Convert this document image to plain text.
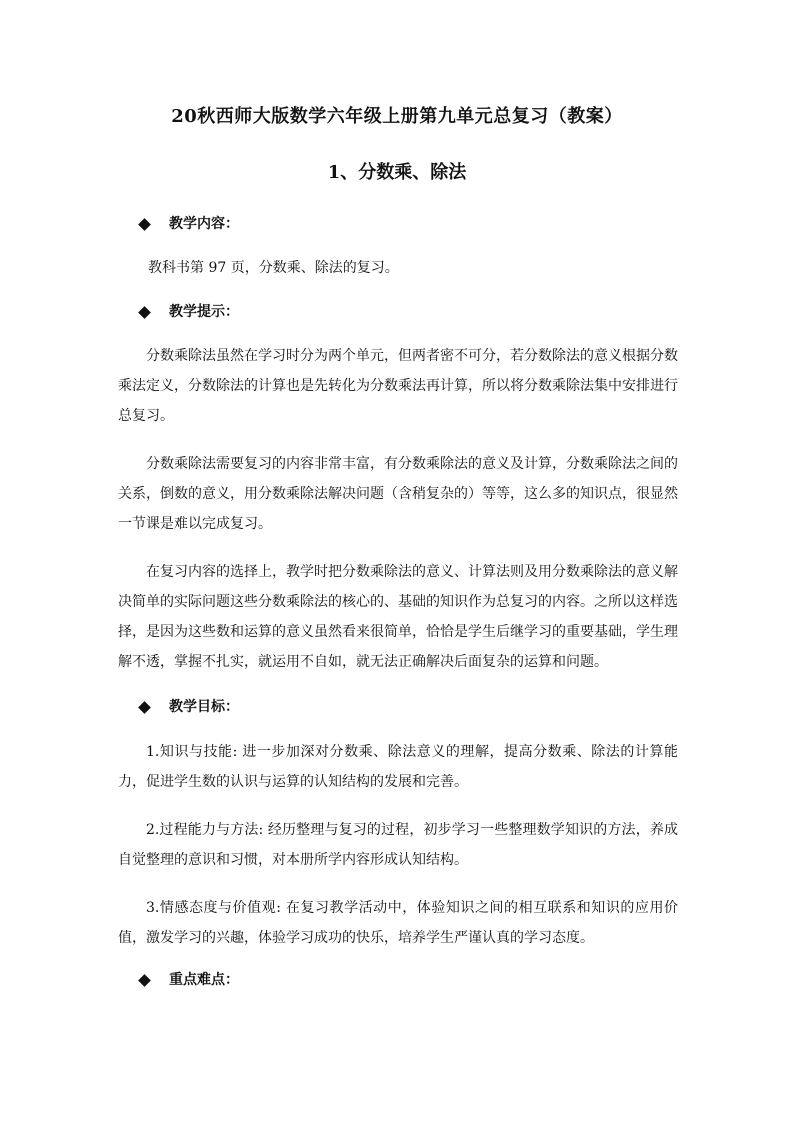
20秋西师大版数学六年级上册第九单元总复习（教案）
1、分数乘、除法
教学内容：

教科书第 97 页，分数乘、除法的复习。

教学提示：

分数乘除法虽然在学习时分为两个单元，但两者密不可分，若分数除法的意义根据分数乘法定义，分数除法的计算也是先转化为分数乘法再计算，所以将分数乘除法集中安排进行总复习。

分数乘除法需要复习的内容非常丰富，有分数乘除法的意义及计算，分数乘除法之间的关系，倒数的意义，用分数乘除法解决问题（含稍复杂的）等等，这么多的知识点，很显然一节课是难以完成复习。

在复习内容的选择上，教学时把分数乘除法的意义、计算法则及用分数乘除法的意义解决简单的实际问题这些分数乘除法的核心的、基础的知识作为总复习的内容。之所以这样选择，是因为这些数和运算的意义虽然看来很简单，恰恰是学生后继学习的重要基础，学生理解不透，掌握不扎实，就运用不自如，就无法正确解决后面复杂的运算和问题。

教学目标：

1.知识与技能: 进一步加深对分数乘、除法意义的理解，提高分数乘、除法的计算能力，促进学生数的认识与运算的认知结构的发展和完善。

2.过程能力与方法: 经历整理与复习的过程，初步学习一些整理数学知识的方法，养成自觉整理的意识和习惯，对本册所学内容形成认知结构。

3.情感态度与价值观: 在复习教学活动中，体验知识之间的相互联系和知识的应用价值，激发学习的兴趣，体验学习成功的快乐，培养学生严谨认真的学习态度。

重点难点：
